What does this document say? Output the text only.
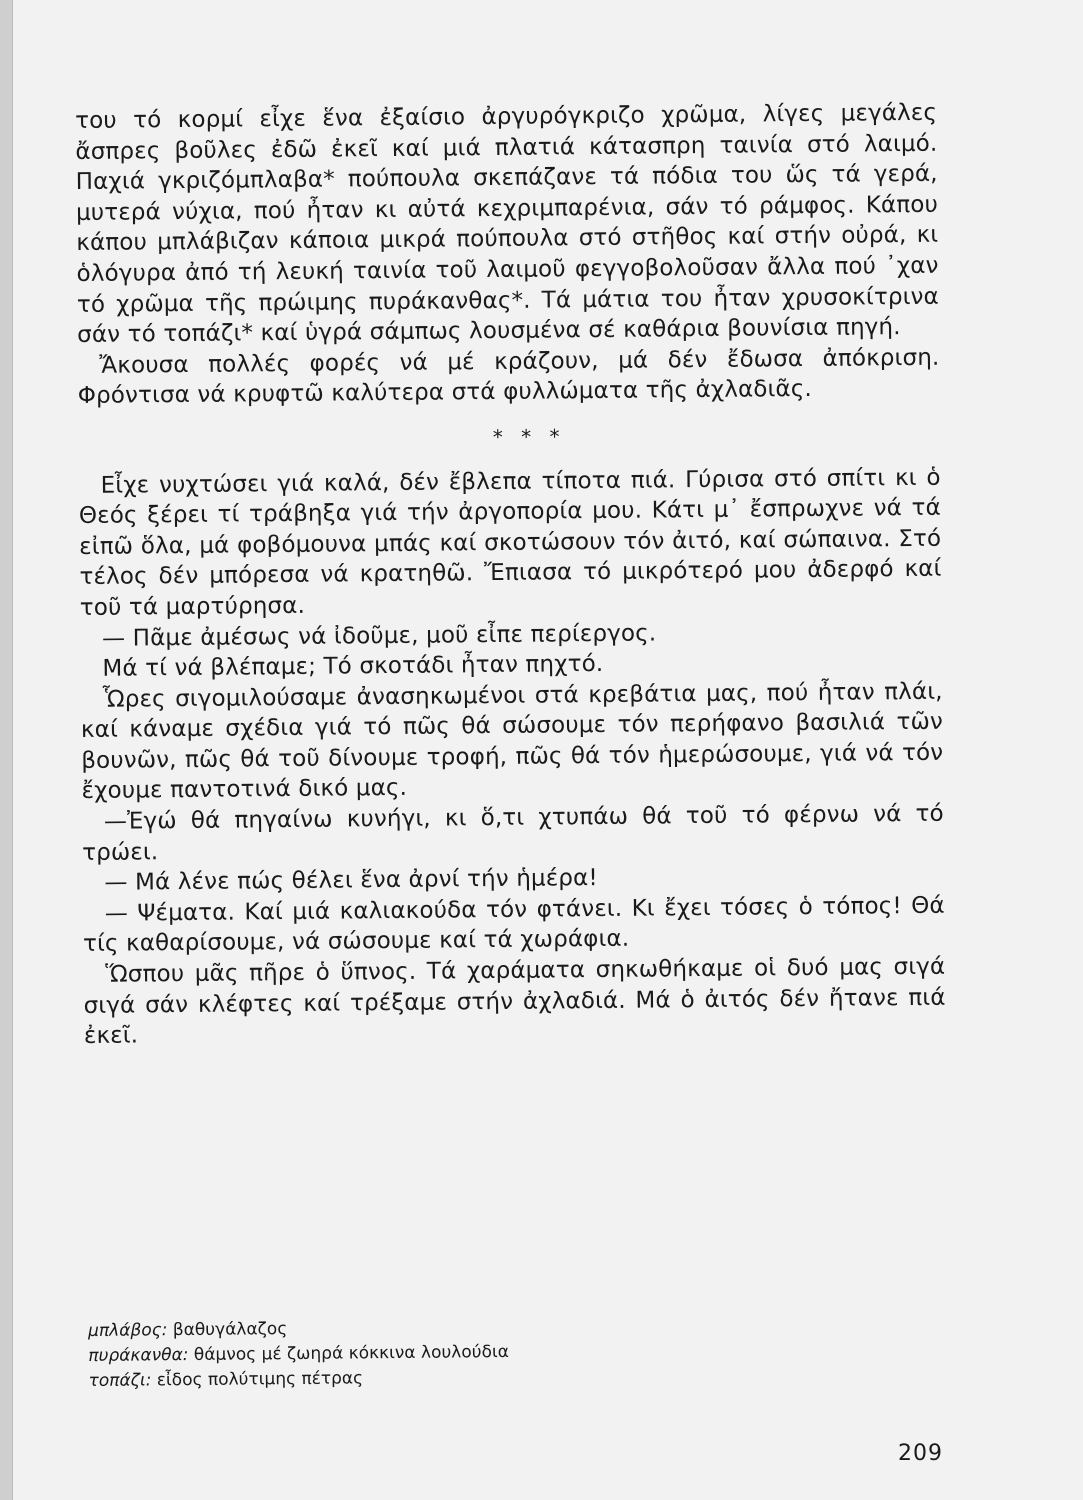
του τό κορμί εἶχε ἕνα ἐξαίσιο ἀργυρόγκριζο χρῶμα, λίγες μεγάλες ἄσπρες βοῦλες ἐδῶ ἐκεῖ καί μιά πλατιά κάτασπρη ταινία στό λαιμό. Παχιά γκριζόμπλαβα* πούπουλα σκεπάζανε τά πόδια του ὥς τά γερά, μυτερά νύχια, πού ἦταν κι αὐτά κεχριμπαρένια, σάν τό ράμφος. Κάπου κάπου μπλάβιζαν κάποια μικρά πούπουλα στό στῆθος καί στήν οὐρά, κι ὁλόγυρα ἀπό τή λευκή ταινία τοῦ λαιμοῦ φεγγοβολοῦσαν ἄλλα πού ᾽χαν τό χρῶμα τῆς πρώιμης πυράκανθας*. Τά μάτια του ἦταν χρυσοκίτρινα σάν τό τοπάζι* καί ὑγρά σάμπως λουσμένα σέ καθάρια βουνίσια πηγή.

Ἄκουσα πολλές φορές νά μέ κράζουν, μά δέν ἔδωσα ἀπόκριση. Φρόντισα νά κρυφτῶ καλύτερα στά φυλλώματα τῆς ἀχλαδιᾶς.

* * *

Εἶχε νυχτώσει γιά καλά, δέν ἔβλεπα τίποτα πιά. Γύρισα στό σπίτι κι ὁ Θεός ξέρει τί τράβηξα γιά τήν ἀργοπορία μου. Κάτι μ᾽ ἔσπρωχνε νά τά εἰπῶ ὅλα, μά φοβόμουνα μπάς καί σκοτώσουν τόν ἀιτό, καί σώπαινα. Στό τέλος δέν μπόρεσα νά κρατηθῶ. Ἔπιασα τό μικρότερό μου ἀδερφό καί τοῦ τά μαρτύρησα.

— Πᾶμε ἀμέσως νά ἰδοῦμε, μοῦ εἶπε περίεργος.

Μά τί νά βλέπαμε; Τό σκοτάδι ἦταν πηχτό.

Ὧρες σιγομιλούσαμε ἀνασηκωμένοι στά κρεβάτια μας, πού ἦταν πλάι, καί κάναμε σχέδια γιά τό πῶς θά σώσουμε τόν περήφανο βασιλιά τῶν βουνῶν, πῶς θά τοῦ δίνουμε τροφή, πῶς θά τόν ἡμερώσουμε, γιά νά τόν ἔχουμε παντοτινά δικό μας.

—Ἐγώ θά πηγαίνω κυνήγι, κι ὅ,τι χτυπάω θά τοῦ τό φέρνω νά τό τρώει.

— Μά λένε πώς θέλει ἕνα ἀρνί τήν ἡμέρα!

— Ψέματα. Καί μιά καλιακούδα τόν φτάνει. Κι ἔχει τόσες ὁ τόπος! Θά τίς καθαρίσουμε, νά σώσουμε καί τά χωράφια.

Ὥσπου μᾶς πῆρε ὁ ὕπνος. Τά χαράματα σηκωθήκαμε οἱ δυό μας σιγά σιγά σάν κλέφτες καί τρέξαμε στήν ἀχλαδιά. Μά ὁ ἀιτός δέν ἤτανε πιά ἐκεῖ.

μπλάβος: βαθυγάλαζος
πυράκανθα: θάμνος μέ ζωηρά κόκκινα λουλούδια
τοπάζι: εἶδος πολύτιμης πέτρας
209
